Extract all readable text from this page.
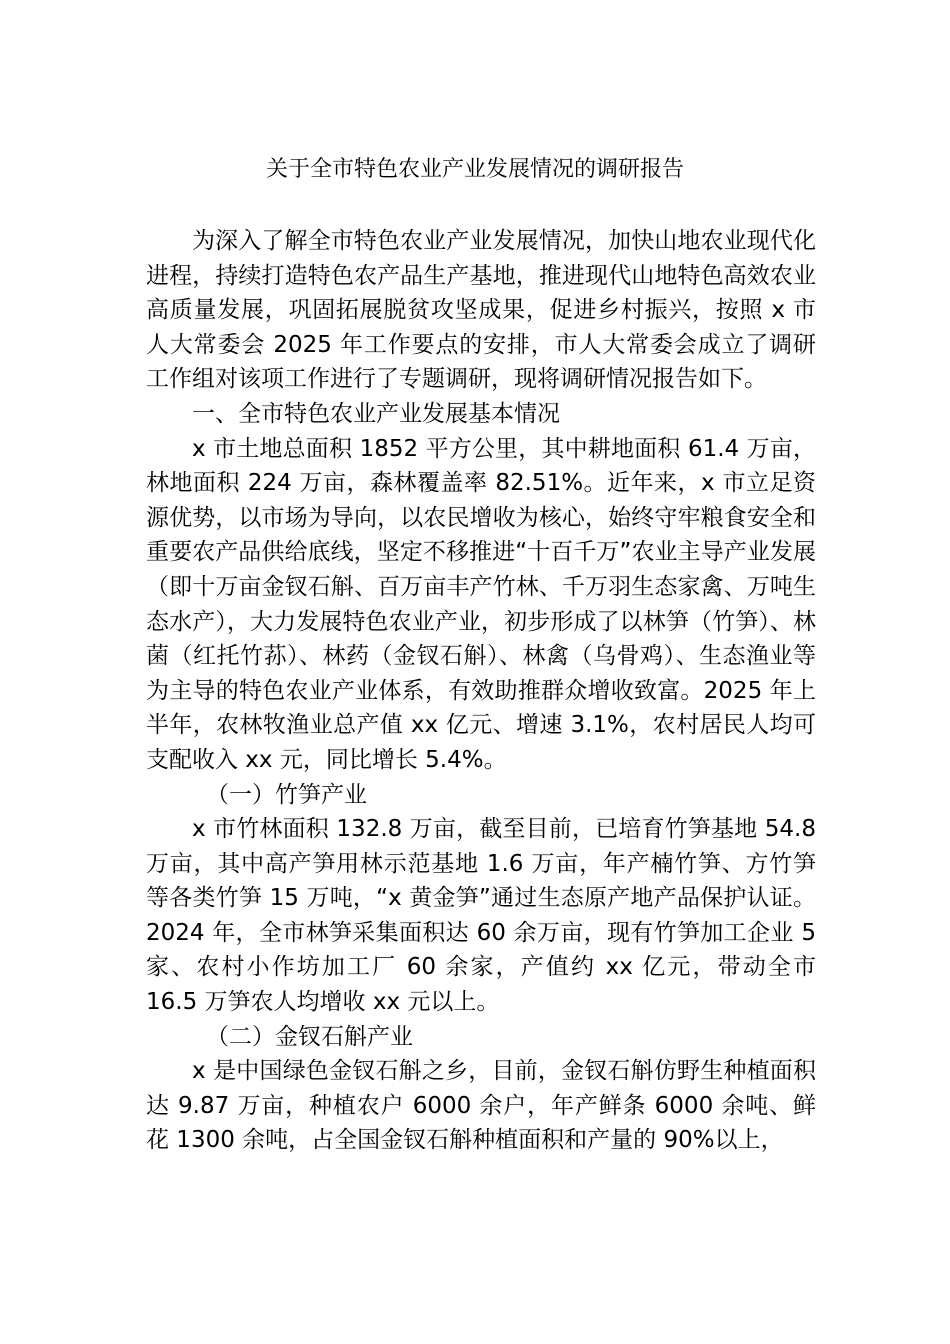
关于全市特色农业产业发展情况的调研报告

为深入了解全市特色农业产业发展情况，加快山地农业现代化进程，持续打造特色农产品生产基地，推进现代山地特色高效农业高质量发展，巩固拓展脱贫攻坚成果，促进乡村振兴，按照 x 市人大常委会 2025 年工作要点的安排，市人大常委会成立了调研工作组对该项工作进行了专题调研，现将调研情况报告如下。

一、全市特色农业产业发展基本情况

x 市土地总面积 1852 平方公里，其中耕地面积 61.4 万亩，林地面积 224 万亩，森林覆盖率 82.51%。近年来，x 市立足资源优势，以市场为导向，以农民增收为核心，始终守牢粮食安全和重要农产品供给底线，坚定不移推进“十百千万”农业主导产业发展（即十万亩金钗石斛、百万亩丰产竹林、千万羽生态家禽、万吨生态水产），大力发展特色农业产业，初步形成了以林笋（竹笋）、林菌（红托竹荪）、林药（金钗石斛）、林禽（乌骨鸡）、生态渔业等为主导的特色农业产业体系，有效助推群众增收致富。2025 年上半年，农林牧渔业总产值 xx 亿元、增速 3.1%，农村居民人均可支配收入 xx 元，同比增长 5.4%。

（一）竹笋产业

x 市竹林面积 132.8 万亩，截至目前，已培育竹笋基地 54.8 万亩，其中高产笋用林示范基地 1.6 万亩，年产楠竹笋、方竹笋等各类竹笋 15 万吨，“x 黄金笋”通过生态原产地产品保护认证。2024 年，全市林笋采集面积达 60 余万亩，现有竹笋加工企业 5 家、农村小作坊加工厂 60 余家，产值约 xx 亿元，带动全市 16.5 万笋农人均增收 xx 元以上。

（二）金钗石斛产业

x 是中国绿色金钗石斛之乡，目前，金钗石斛仿野生种植面积达 9.87 万亩，种植农户 6000 余户，年产鲜条 6000 余吨、鲜花 1300 余吨，占全国金钗石斛种植面积和产量的 90%以上，
